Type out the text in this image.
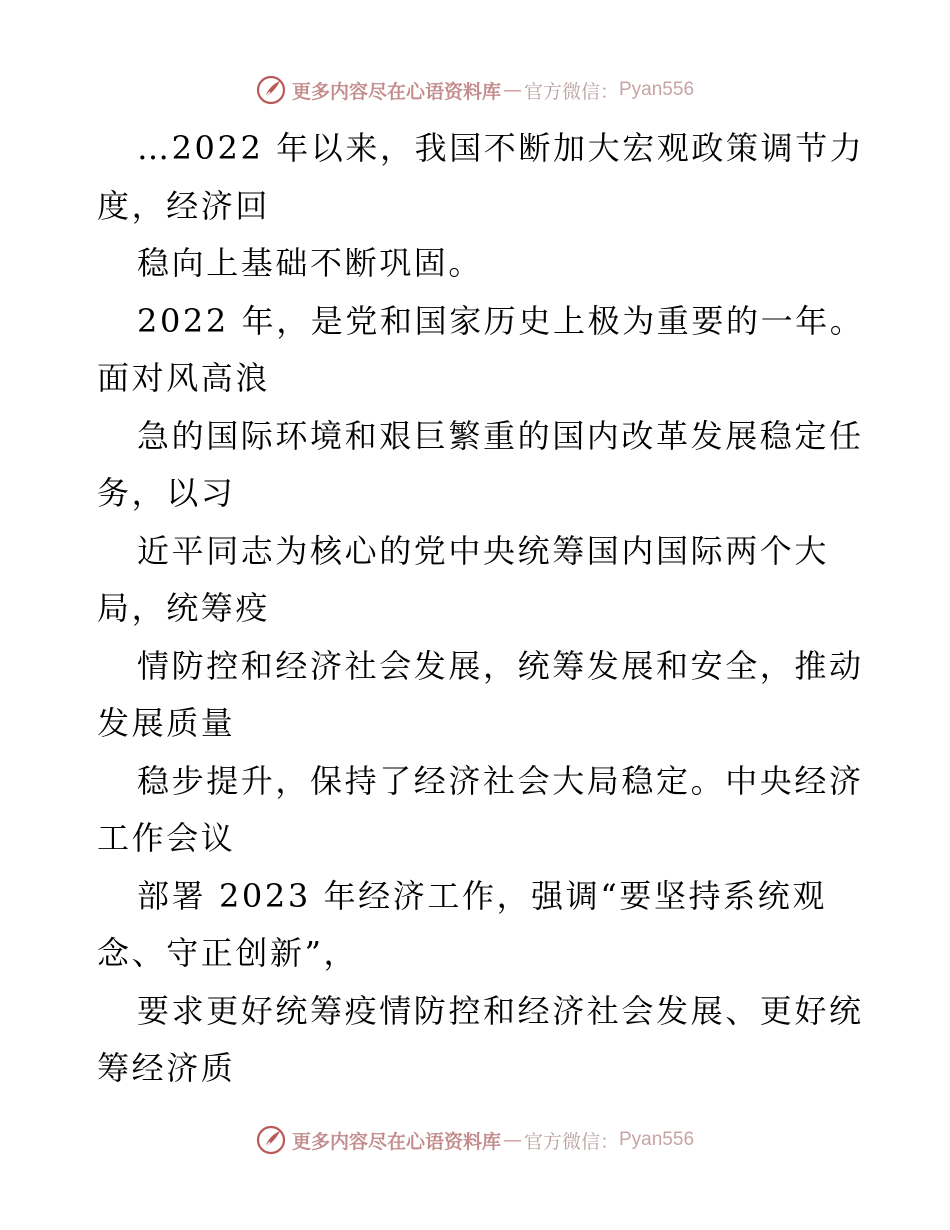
更多内容尽在心语资料库 — 官方微信： Pyan556
…2022 年以来，我国不断加大宏观政策调节力
度，经济回
稳向上基础不断巩固。
2022 年，是党和国家历史上极为重要的一年。
面对风高浪
急的国际环境和艰巨繁重的国内改革发展稳定任
务，以习
近平同志为核心的党中央统筹国内国际两个大
局，统筹疫
情防控和经济社会发展，统筹发展和安全，推动
发展质量
稳步提升，保持了经济社会大局稳定。中央经济
工作会议
部署 2023 年经济工作，强调“要坚持系统观
念、守正创新”，
要求更好统筹疫情防控和经济社会发展、更好统
筹经济质
更多内容尽在心语资料库 — 官方微信： Pyan556
